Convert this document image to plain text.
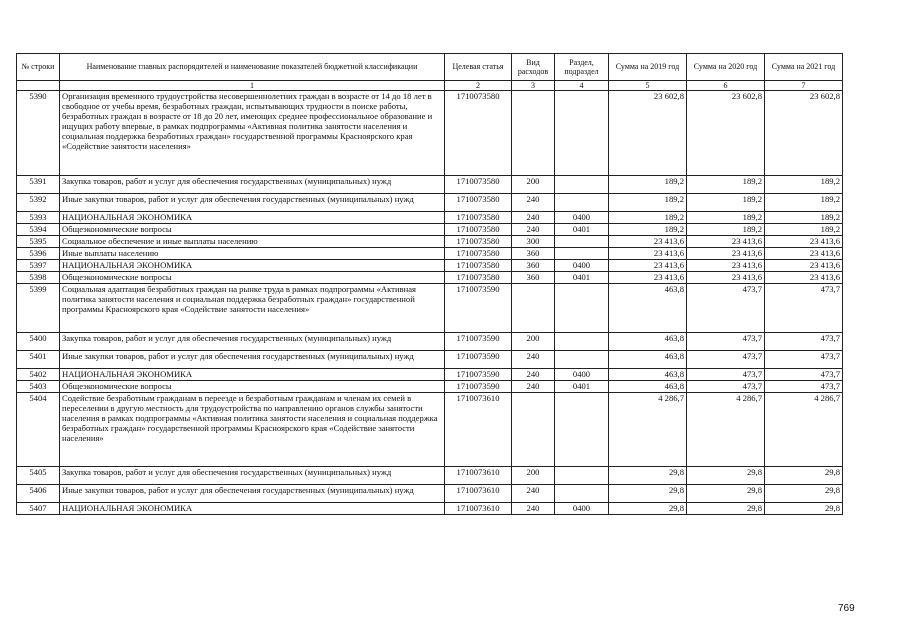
№ строки	Наименование главных распорядителей и наименование показателей бюджетной классификации	Целевая статья	Вид расходов	Раздел, подраздел	Сумма на 2019 год	Сумма на 2020 год	Сумма на 2021 год
	1	2	3	4	5	6	7
5390	Организация временного трудоустройства несовершеннолетних граждан в возрасте от 14 до 18 лет в свободное от учебы время, безработных граждан, испытывающих трудности в поиске работы, безработных граждан в возрасте от 18 до 20 лет, имеющих среднее профессиональное образование и ищущих работу впервые, в рамках подпрограммы «Активная политика занятости населения и социальная поддержка безработных граждан» государственной программы Красноярского края «Содействие занятости населения»	1710073580			23 602,8	23 602,8	23 602,8
5391	Закупка товаров, работ и услуг для обеспечения государственных (муниципальных) нужд	1710073580	200		189,2	189,2	189,2
5392	Иные закупки товаров, работ и услуг для обеспечения государственных (муниципальных) нужд	1710073580	240		189,2	189,2	189,2
5393	НАЦИОНАЛЬНАЯ ЭКОНОМИКА	1710073580	240	0400	189,2	189,2	189,2
5394	Общеэкономические вопросы	1710073580	240	0401	189,2	189,2	189,2
5395	Социальное обеспечение и иные выплаты населению	1710073580	300		23 413,6	23 413,6	23 413,6
5396	Иные выплаты населению	1710073580	360		23 413,6	23 413,6	23 413,6
5397	НАЦИОНАЛЬНАЯ ЭКОНОМИКА	1710073580	360	0400	23 413,6	23 413,6	23 413,6
5398	Общеэкономические вопросы	1710073580	360	0401	23 413,6	23 413,6	23 413,6
5399	Социальная адаптация безработных граждан на рынке труда в рамках подпрограммы «Активная политика занятости населения и социальная поддержка безработных граждан» государственной программы Красноярского края «Содействие занятости населения»	1710073590			463,8	473,7	473,7
5400	Закупка товаров, работ и услуг для обеспечения государственных (муниципальных) нужд	1710073590	200		463,8	473,7	473,7
5401	Иные закупки товаров, работ и услуг для обеспечения государственных (муниципальных) нужд	1710073590	240		463,8	473,7	473,7
5402	НАЦИОНАЛЬНАЯ ЭКОНОМИКА	1710073590	240	0400	463,8	473,7	473,7
5403	Общеэкономические вопросы	1710073590	240	0401	463,8	473,7	473,7
5404	Содействие безработным гражданам в переезде и безработным гражданам и членам их семей в переселении в другую местность для трудоустройства по направлению органов службы занятости населения в рамках подпрограммы «Активная политика занятости населения и социальная поддержка безработных граждан» государственной программы Красноярского края «Содействие занятости населения»	1710073610			4 286,7	4 286,7	4 286,7
5405	Закупка товаров, работ и услуг для обеспечения государственных (муниципальных) нужд	1710073610	200		29,8	29,8	29,8
5406	Иные закупки товаров, работ и услуг для обеспечения государственных (муниципальных) нужд	1710073610	240		29,8	29,8	29,8
5407	НАЦИОНАЛЬНАЯ ЭКОНОМИКА	1710073610	240	0400	29,8	29,8	29,8
769
